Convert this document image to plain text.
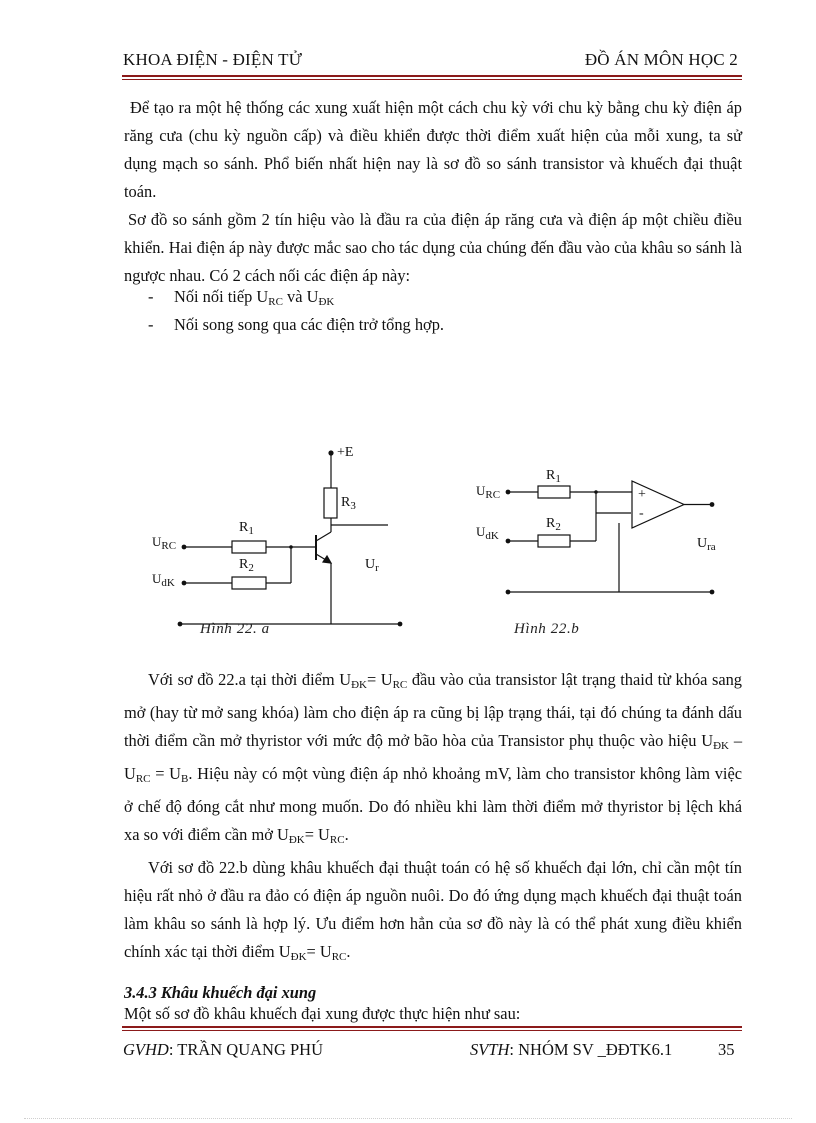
KHOA ĐIỆN - ĐIỆN TỬ	ĐỒ ÁN MÔN HỌC 2

Để tạo ra một hệ thống các xung xuất hiện một cách chu kỳ với chu kỳ bằng chu kỳ điện áp răng cưa (chu kỳ nguồn cấp) và điều khiển được thời điểm xuất hiện của mỗi xung, ta sử dụng mạch so sánh. Phổ biến nhất hiện nay là sơ đồ so sánh transistor và khuếch đại thuật toán.

Sơ đồ so sánh gồm 2 tín hiệu vào là đầu ra của điện áp răng cưa và điện áp một chiều điều khiển. Hai điện áp này được mắc sao cho tác dụng của chúng đến đầu vào của khâu so sánh là ngược nhau. Có 2 cách nối các điện áp này:

- Nối nối tiếp $U_{RC}$ và $U_{ĐK}$
- Nối song song qua các điện trở tổng hợp.
+E
$R_3$
$R_1$
$R_2$
$U_{RC}$
$U_{dK}$
$U_r$
Hình 22. a
$R_1$
$R_2$
$U_{RC}$
$U_{dK}$
+
-
$U_{ra}$
Hình 22.b

Với sơ đồ 22.a tại thời điểm $U_{ĐK}= U_{RC}$ đầu vào của transistor lật trạng thaid từ khóa sang mở (hay từ mở sang khóa) làm cho điện áp ra cũng bị lập trạng thái, tại đó chúng ta đánh dấu thời điểm cần mở thyristor với mức độ mở bão hòa của Transistor phụ thuộc vào hiệu $U_{ĐK} - U_{RC} = U_B$. Hiệu này có một vùng điện áp nhỏ khoảng mV, làm cho transistor không làm việc ở chế độ đóng cắt như mong muốn. Do đó nhiều khi làm thời điểm mở thyristor bị lệch khá xa so với điểm cần mở $U_{ĐK}= U_{RC}$.

Với sơ đồ 22.b dùng khâu khuếch đại thuật toán có hệ số khuếch đại lớn, chỉ cần một tín hiệu rất nhỏ ở đầu ra đảo có điện áp nguồn nuôi. Do đó ứng dụng mạch khuếch đại thuật toán làm khâu so sánh là hợp lý. Ưu điểm hơn hẳn của sơ đồ này là có thể phát xung điều khiển chính xác tại thời điểm $U_{ĐK}= U_{RC}$.

3.4.3 Khâu khuếch đại xung
Một số sơ đồ khâu khuếch đại xung được thực hiện như sau:
GVHD: TRẦN QUANG PHÚ	SVTH: NHÓM SV _ĐĐTK6.1	35
